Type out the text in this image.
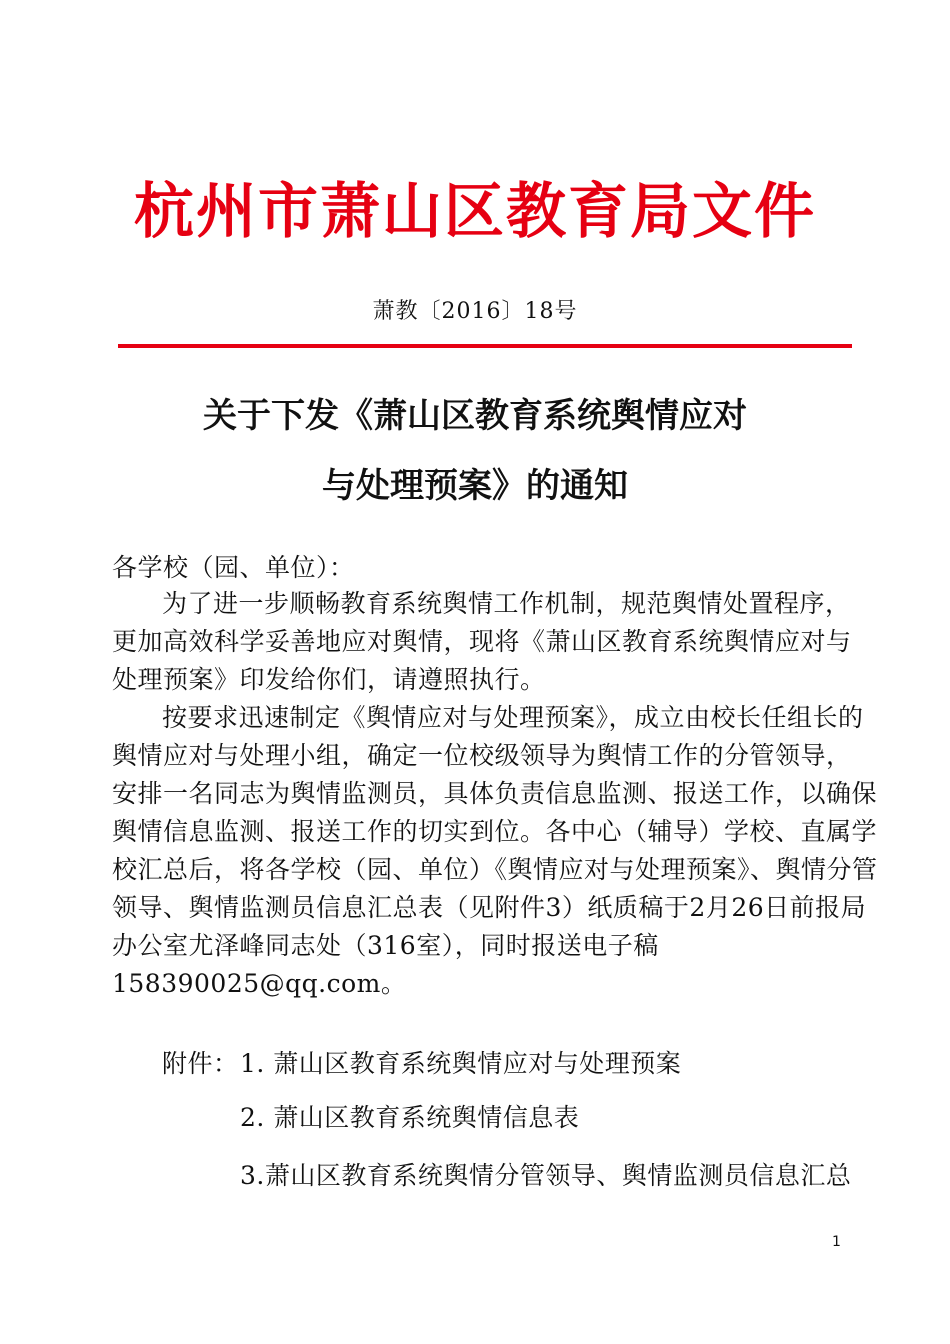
杭州市萧山区教育局文件
萧教〔2016〕18号
关于下发《萧山区教育系统舆情应对
与处理预案》的通知
各学校（园、单位）：
为了进一步顺畅教育系统舆情工作机制，规范舆情处置程序，
更加高效科学妥善地应对舆情，现将《萧山区教育系统舆情应对与
处理预案》印发给你们，请遵照执行。
按要求迅速制定《舆情应对与处理预案》，成立由校长任组长的
舆情应对与处理小组，确定一位校级领导为舆情工作的分管领导，
安排一名同志为舆情监测员，具体负责信息监测、报送工作，以确保
舆情信息监测、报送工作的切实到位。各中心（辅导）学校、直属学
校汇总后，将各学校（园、单位）《舆情应对与处理预案》、舆情分管
领导、舆情监测员信息汇总表（见附件3）纸质稿于2月26日前报局
办公室尤泽峰同志处（316室），同时报送电子稿
158390025@qq.com。
附件： 1. 萧山区教育系统舆情应对与处理预案
2. 萧山区教育系统舆情信息表
3.萧山区教育系统舆情分管领导、舆情监测员信息汇总
1
